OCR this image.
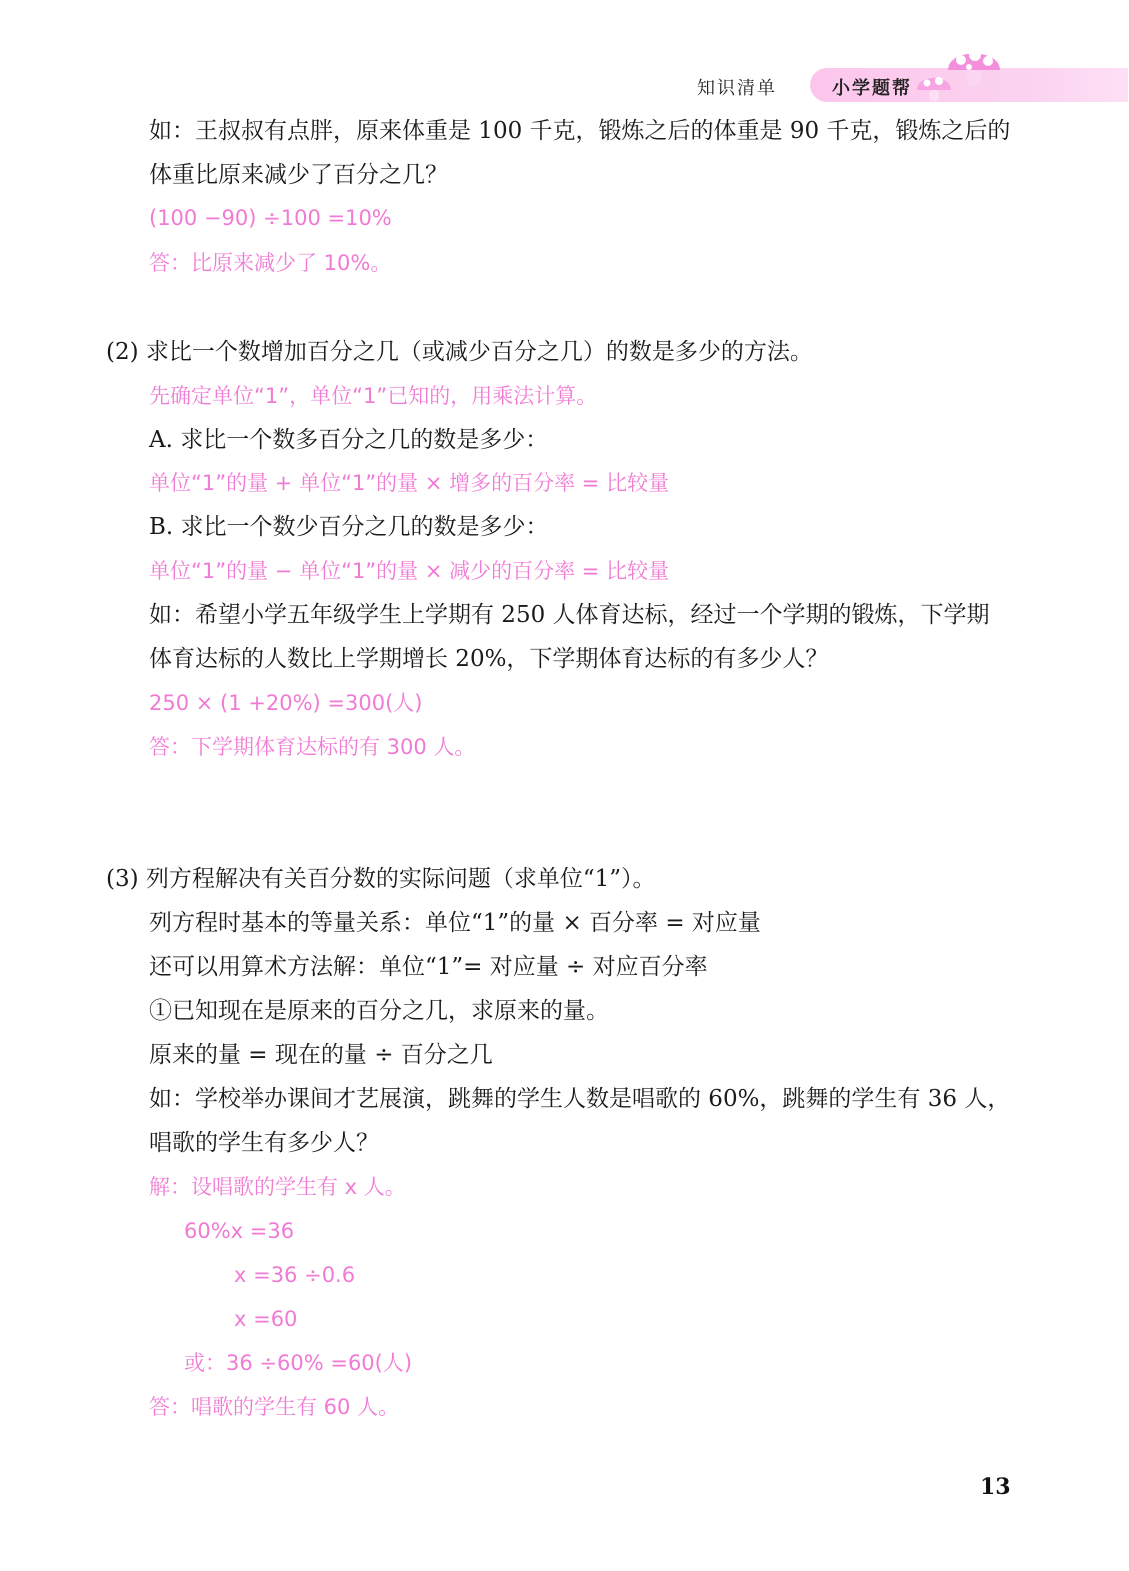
知识清单	小学题帮
如：王叔叔有点胖，原来体重是 100 千克，锻炼之后的体重是 90 千克，锻炼之后的
体重比原来减少了百分之几？
(100 −90) ÷100 =10%
答：比原来减少了 10%。
(2) 求比一个数增加百分之几（或减少百分之几）的数是多少的方法。
先确定单位“1”，单位“1”已知的，用乘法计算。
A. 求比一个数多百分之几的数是多少：
单位“1”的量 + 单位“1”的量 × 增多的百分率 = 比较量
B. 求比一个数少百分之几的数是多少：
单位“1”的量 − 单位“1”的量 × 减少的百分率 = 比较量
如：希望小学五年级学生上学期有 250 人体育达标，经过一个学期的锻炼，下学期
体育达标的人数比上学期增长 20%，下学期体育达标的有多少人？
250 × (1 +20%) =300(人)
答：下学期体育达标的有 300 人。
(3) 列方程解决有关百分数的实际问题（求单位“1”）。
列方程时基本的等量关系：单位“1”的量 × 百分率 = 对应量
还可以用算术方法解：单位“1”= 对应量 ÷ 对应百分率
①已知现在是原来的百分之几，求原来的量。
原来的量 = 现在的量 ÷ 百分之几
如：学校举办课间才艺展演，跳舞的学生人数是唱歌的 60%，跳舞的学生有 36 人，
唱歌的学生有多少人？
解：设唱歌的学生有 x 人。
60%x =36
x =36 ÷0.6
x =60
或：36 ÷60% =60(人)
答：唱歌的学生有 60 人。
13
